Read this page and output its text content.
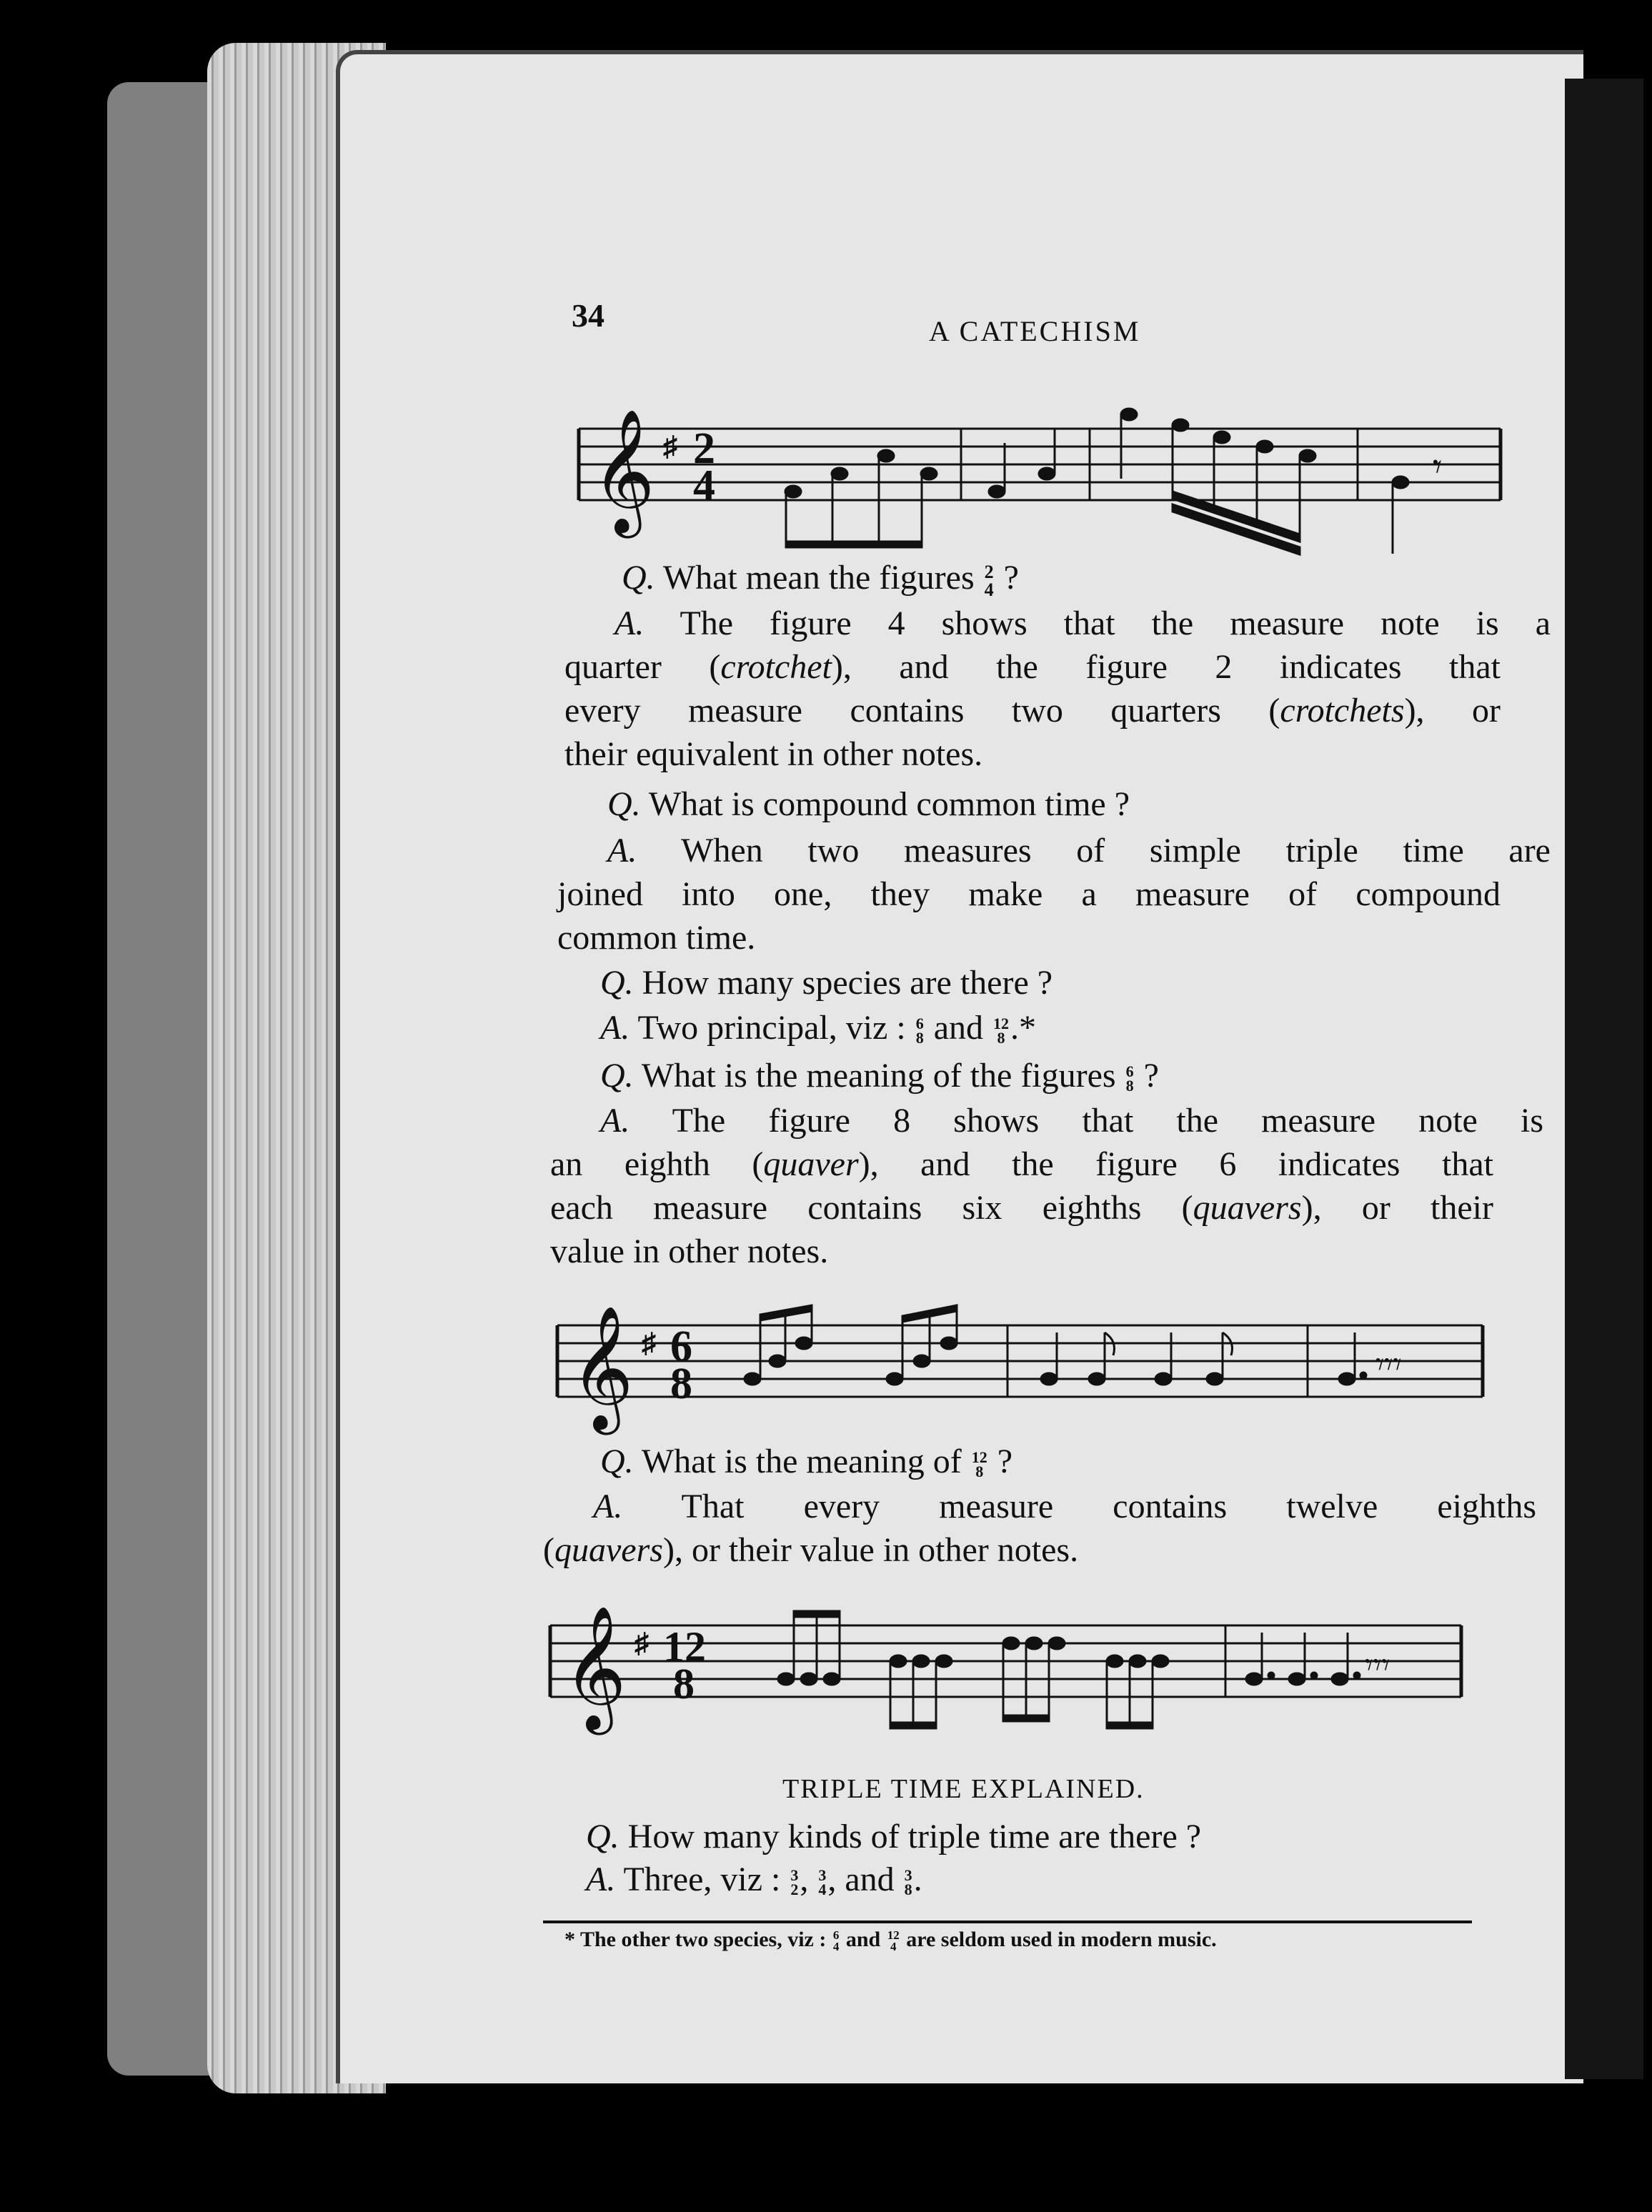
34	A CATECHISM
𝄞 ♯ 2
4	𝄾
Q. What mean the figures 2
4 ?
A. The figure 4 shows that the measure note is a
quarter (crotchet), and the figure 2 indicates that
every measure contains two quarters (crotchets), or
their equivalent in other notes.
Q. What is compound common time ?
A. When two measures of simple triple time are
joined into one, they make a measure of compound
common time.
Q. How many species are there ?
A. Two principal, viz : 6
8 and 12
8 .*
Q. What is the meaning of the figures 6
8 ?
A. The figure 8 shows that the measure note is
an eighth (quaver), and the figure 6 indicates that
each measure contains six eighths (quavers), or their
value in other notes.
𝄞 ♯ 6
8	𝄾𝄾𝄾
Q. What is the meaning of 12
8 ?
A. That every measure contains twelve eighths
(quavers), or their value in other notes.
𝄞 ♯ 12
8	𝄾𝄾𝄾
TRIPLE TIME EXPLAINED.
Q. How many kinds of triple time are there ?
A. Three, viz : 3
2 , 3
4 , and 3
8 .
* The other two species, viz : 6
4 and 12
4 are seldom used in modern music.
